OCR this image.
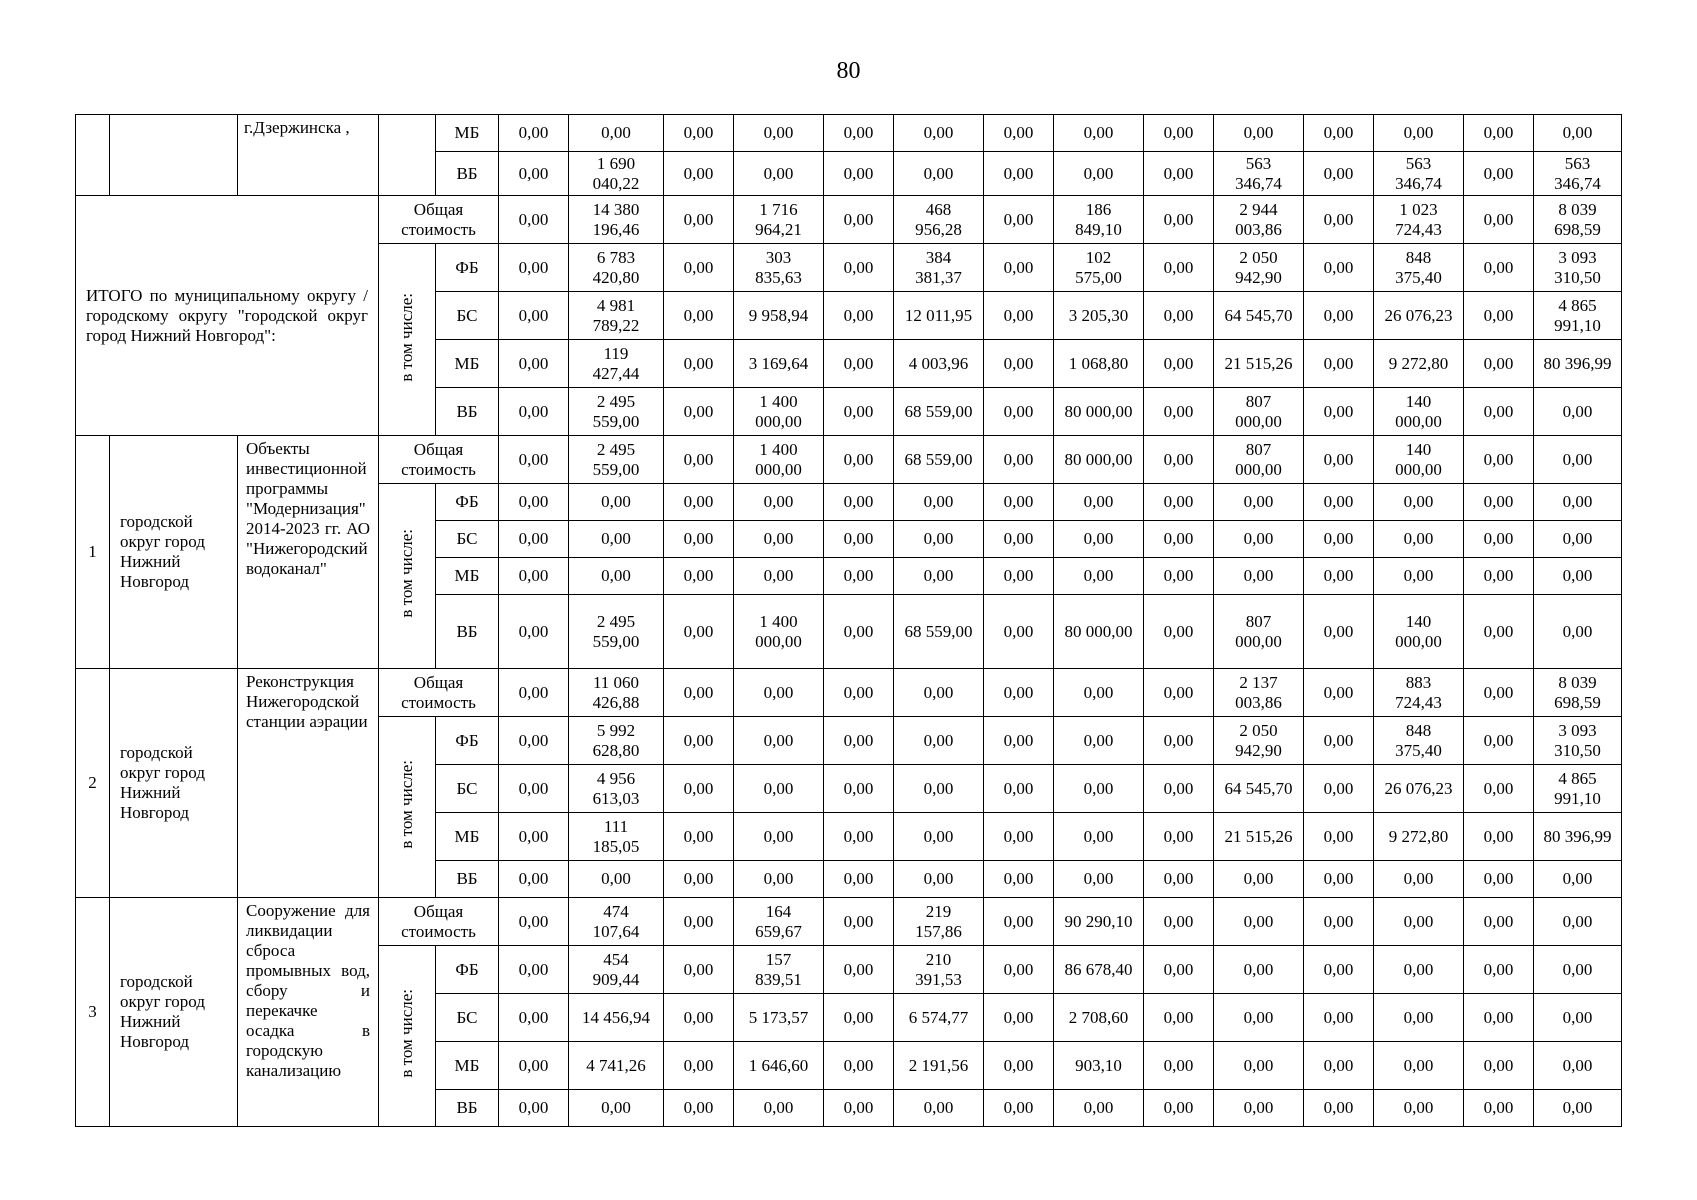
80
		г.Дзержинска ,		МБ	0,00	0,00	0,00	0,00	0,00	0,00	0,00	0,00	0,00	0,00	0,00	0,00	0,00	0,00
				ВБ	0,00	1 690 040,22	0,00	0,00	0,00	0,00	0,00	0,00	0,00	563 346,74	0,00	563 346,74	0,00	563 346,74
ИТОГО по муниципальному округу / городскому округу "городской округ город Нижний Новгород":			Общая стоимость		0,00	14 380 196,46	0,00	1 716 964,21	0,00	468 956,28	0,00	186 849,10	0,00	2 944 003,86	0,00	1 023 724,43	0,00	8 039 698,59
			в том числе:	ФБ	0,00	6 783 420,80	0,00	303 835,63	0,00	384 381,37	0,00	102 575,00	0,00	2 050 942,90	0,00	848 375,40	0,00	3 093 310,50
				БС	0,00	4 981 789,22	0,00	9 958,94	0,00	12 011,95	0,00	3 205,30	0,00	64 545,70	0,00	26 076,23	0,00	4 865 991,10
				МБ	0,00	119 427,44	0,00	3 169,64	0,00	4 003,96	0,00	1 068,80	0,00	21 515,26	0,00	9 272,80	0,00	80 396,99
				ВБ	0,00	2 495 559,00	0,00	1 400 000,00	0,00	68 559,00	0,00	80 000,00	0,00	807 000,00	0,00	140 000,00	0,00	0,00
1	городской округ город Нижний Новгород	Объекты инвестиционной программы "Модернизация" 2014-2023 гг. АО "Нижегородский водоканал"	Общая стоимость		0,00	2 495 559,00	0,00	1 400 000,00	0,00	68 559,00	0,00	80 000,00	0,00	807 000,00	0,00	140 000,00	0,00	0,00
			в том числе:	ФБ	0,00	0,00	0,00	0,00	0,00	0,00	0,00	0,00	0,00	0,00	0,00	0,00	0,00	0,00
				БС	0,00	0,00	0,00	0,00	0,00	0,00	0,00	0,00	0,00	0,00	0,00	0,00	0,00	0,00
				МБ	0,00	0,00	0,00	0,00	0,00	0,00	0,00	0,00	0,00	0,00	0,00	0,00	0,00	0,00
				ВБ	0,00	2 495 559,00	0,00	1 400 000,00	0,00	68 559,00	0,00	80 000,00	0,00	807 000,00	0,00	140 000,00	0,00	0,00
2	городской округ город Нижний Новгород	Реконструкция Нижегородской станции аэрации	Общая стоимость		0,00	11 060 426,88	0,00	0,00	0,00	0,00	0,00	0,00	0,00	2 137 003,86	0,00	883 724,43	0,00	8 039 698,59
			в том числе:	ФБ	0,00	5 992 628,80	0,00	0,00	0,00	0,00	0,00	0,00	0,00	2 050 942,90	0,00	848 375,40	0,00	3 093 310,50
				БС	0,00	4 956 613,03	0,00	0,00	0,00	0,00	0,00	0,00	0,00	64 545,70	0,00	26 076,23	0,00	4 865 991,10
				МБ	0,00	111 185,05	0,00	0,00	0,00	0,00	0,00	0,00	0,00	21 515,26	0,00	9 272,80	0,00	80 396,99
				ВБ	0,00	0,00	0,00	0,00	0,00	0,00	0,00	0,00	0,00	0,00	0,00	0,00	0,00	0,00
3	городской округ город Нижний Новгород	Сооружение для ликвидации сброса промывных вод, сбору и перекачке осадка в городскую канализацию	Общая стоимость		0,00	474 107,64	0,00	164 659,67	0,00	219 157,86	0,00	90 290,10	0,00	0,00	0,00	0,00	0,00	0,00
			в том числе:	ФБ	0,00	454 909,44	0,00	157 839,51	0,00	210 391,53	0,00	86 678,40	0,00	0,00	0,00	0,00	0,00	0,00
				БС	0,00	14 456,94	0,00	5 173,57	0,00	6 574,77	0,00	2 708,60	0,00	0,00	0,00	0,00	0,00	0,00
				МБ	0,00	4 741,26	0,00	1 646,60	0,00	2 191,56	0,00	903,10	0,00	0,00	0,00	0,00	0,00	0,00
				ВБ	0,00	0,00	0,00	0,00	0,00	0,00	0,00	0,00	0,00	0,00	0,00	0,00	0,00	0,00
